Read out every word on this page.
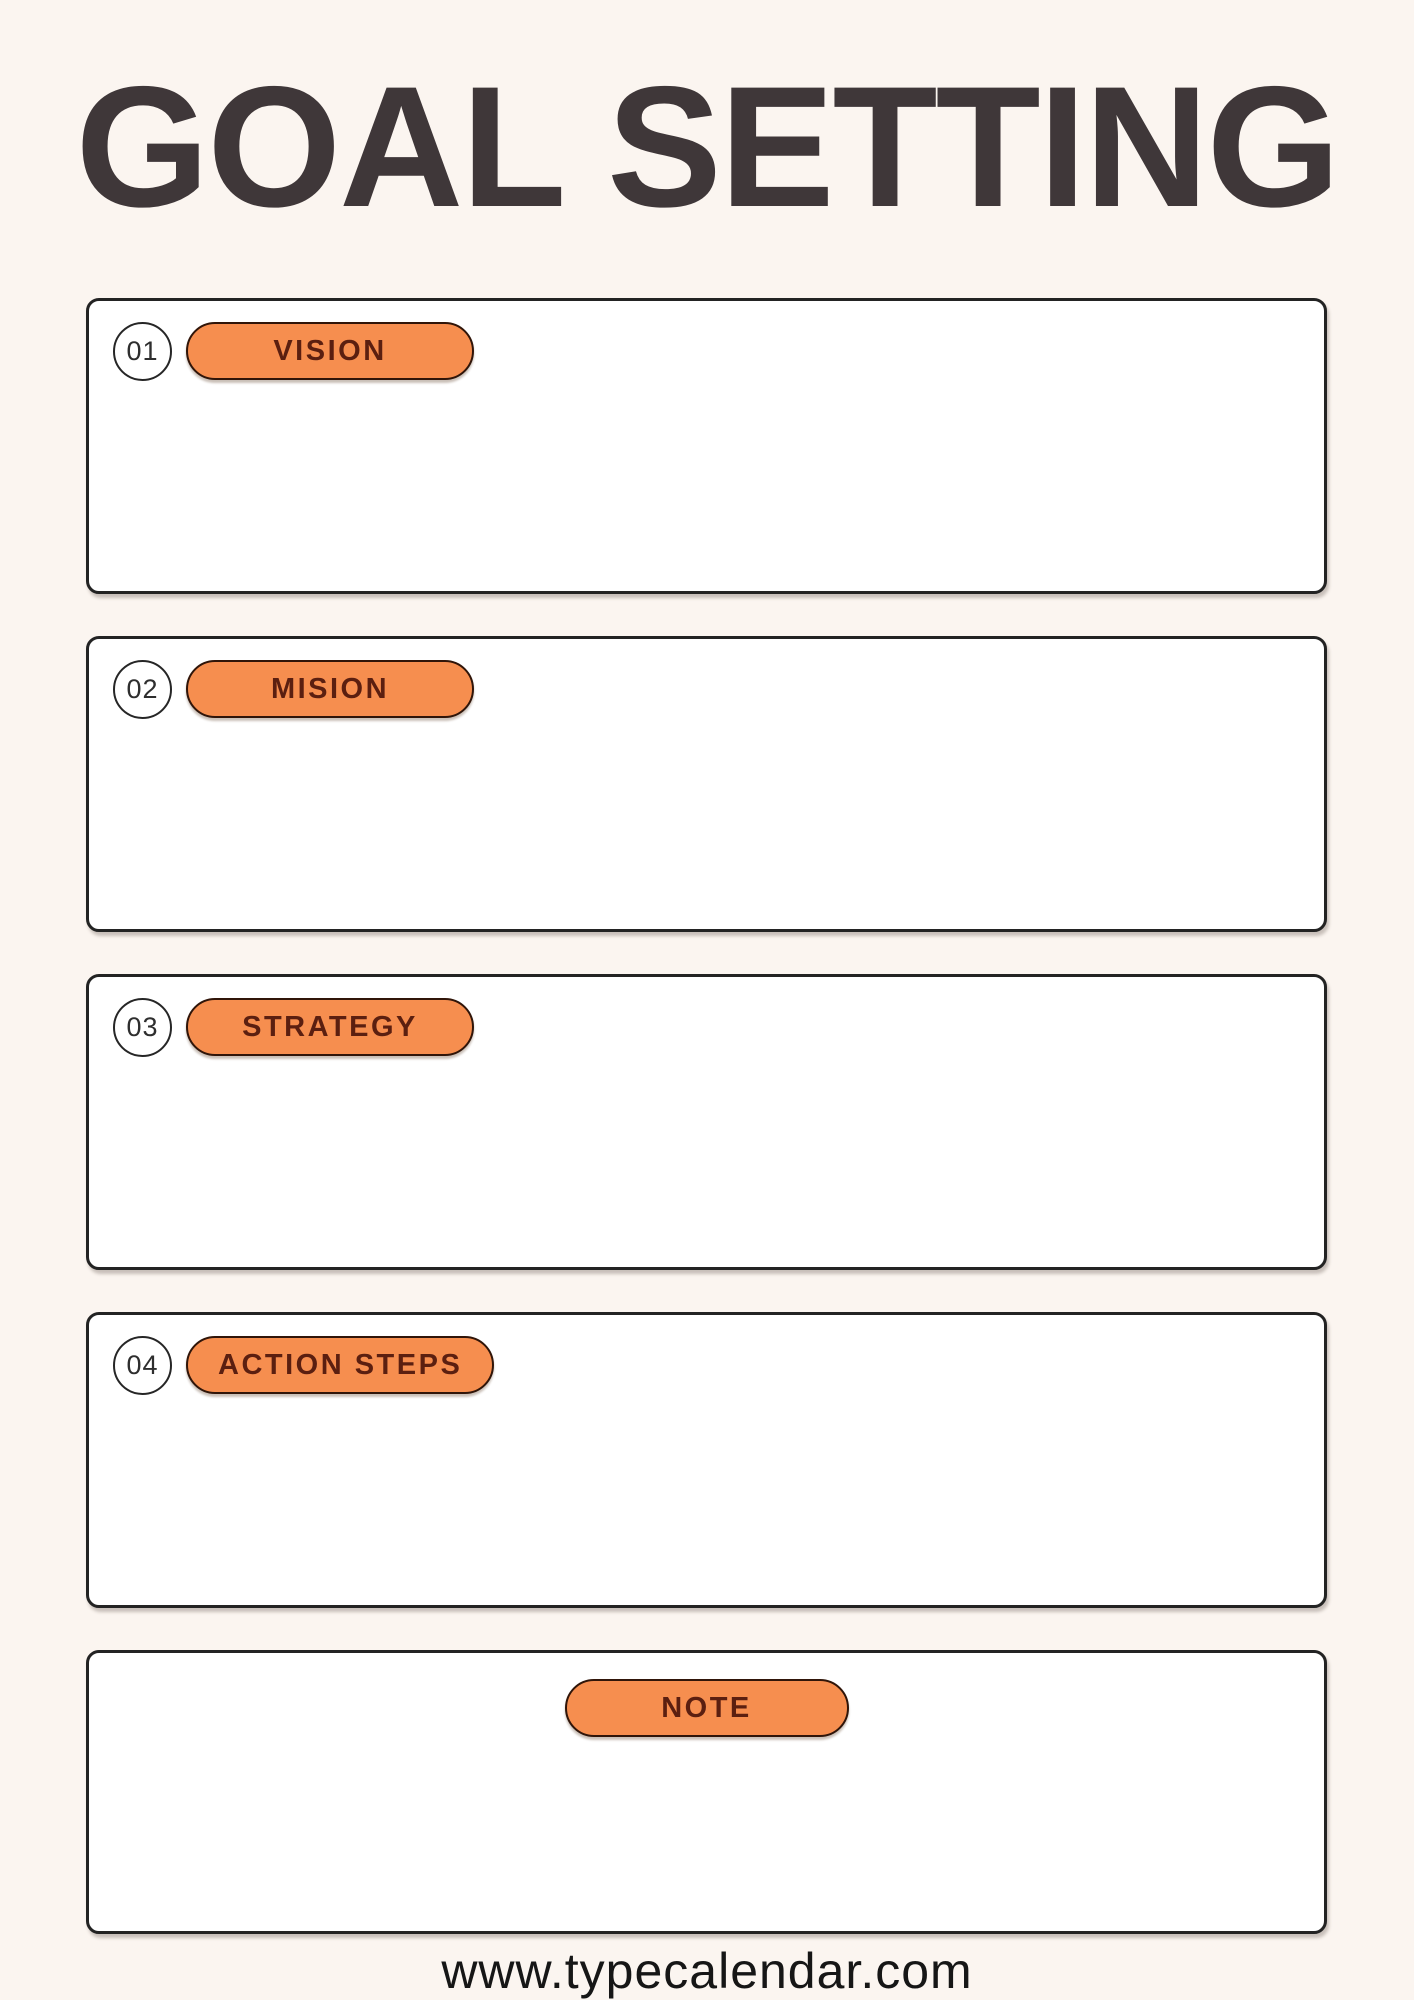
GOAL SETTING
01	VISION
02	MISION
03	STRATEGY
04 ACTION STEPS
NOTE
www.typecalendar.com
